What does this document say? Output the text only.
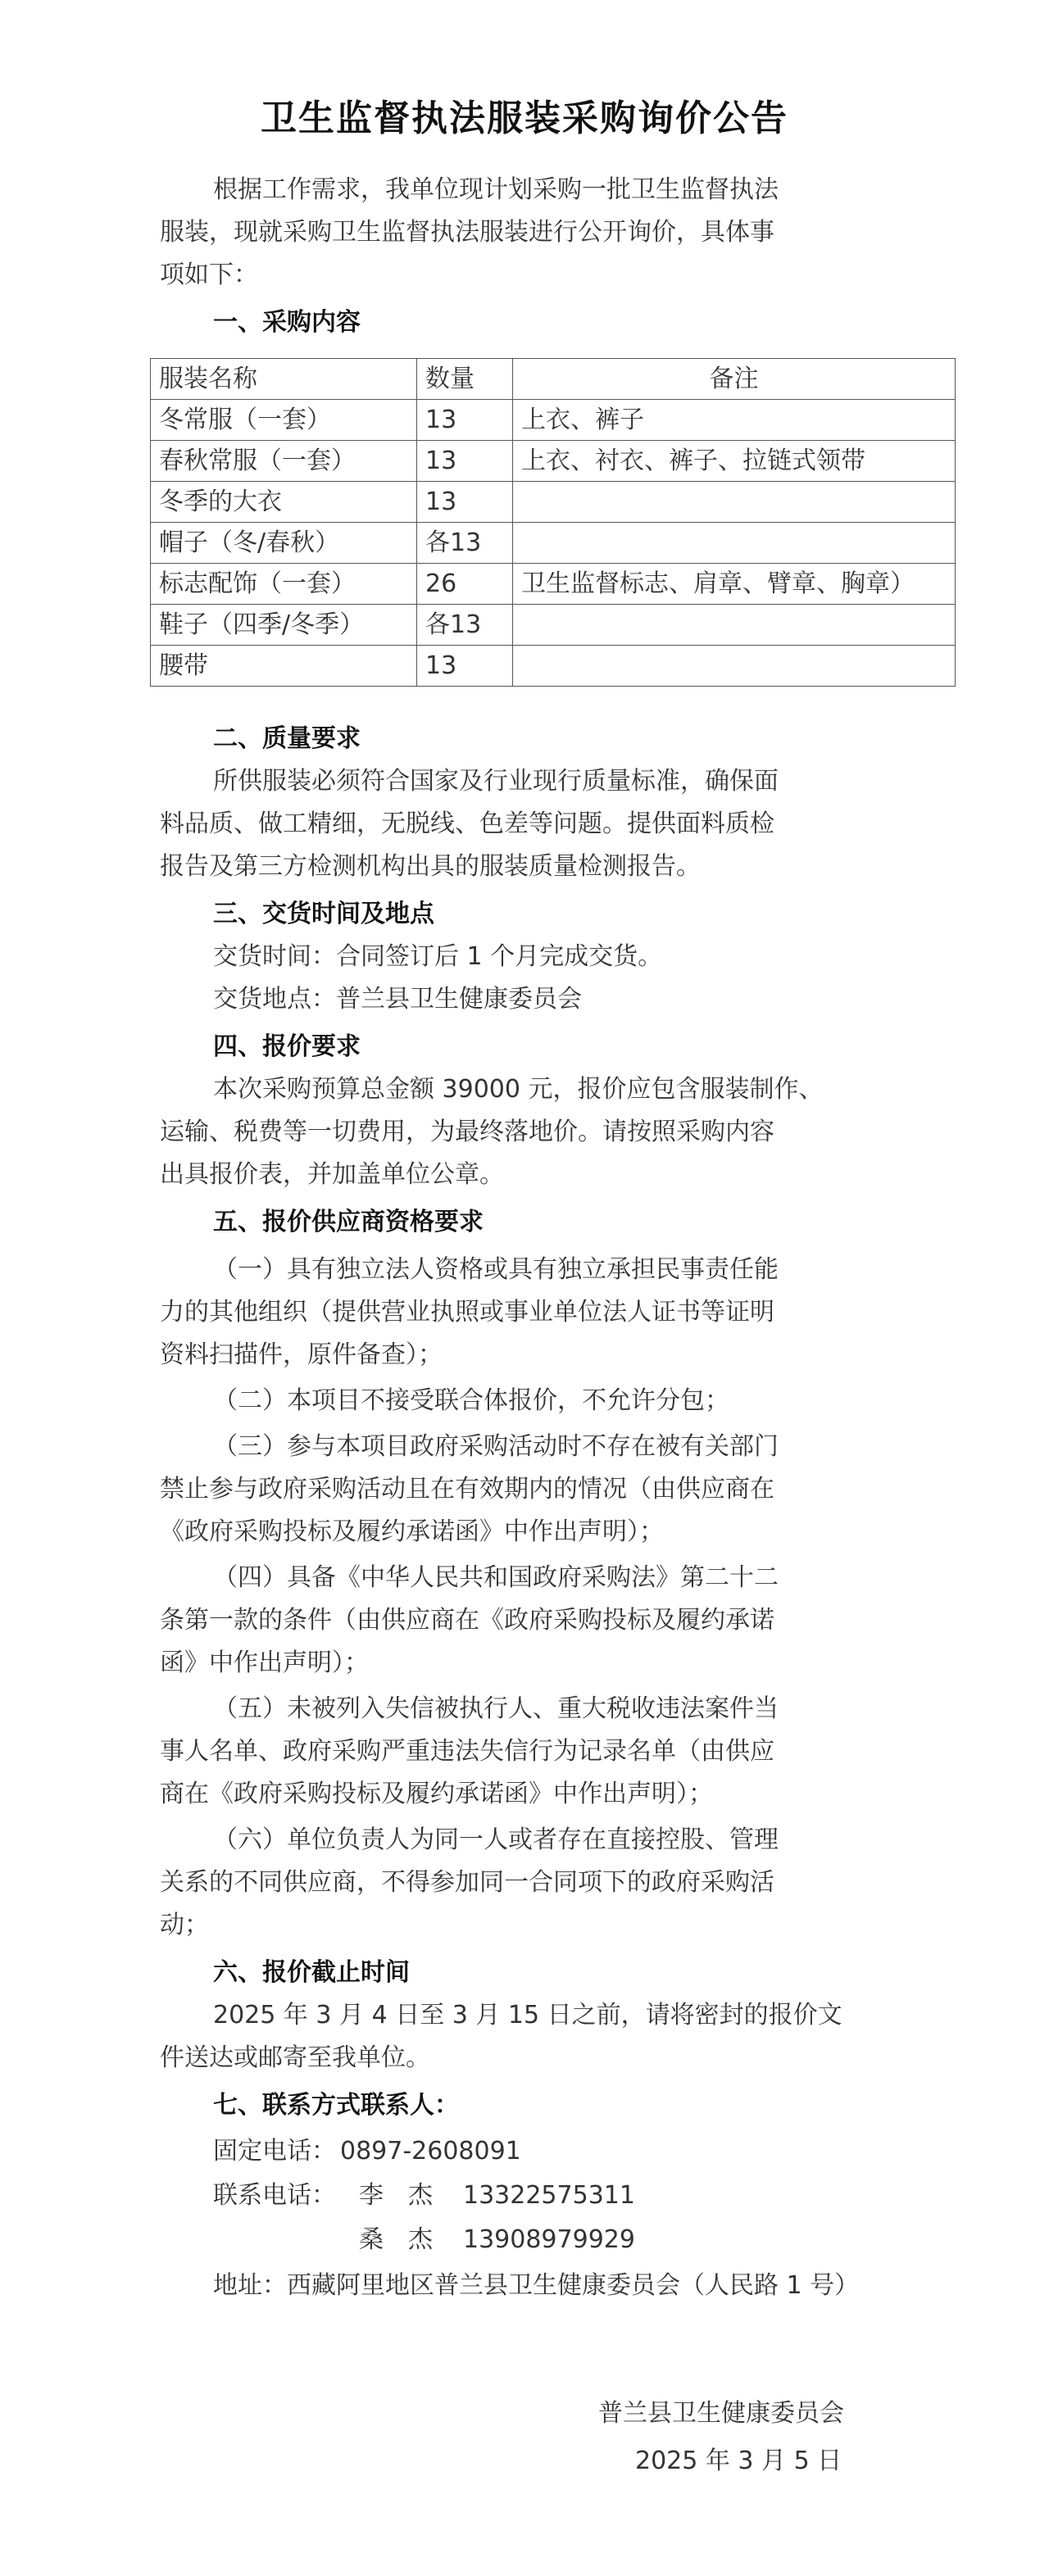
卫生监督执法服装采购询价公告
根据工作需求，我单位现计划采购一批卫生监督执法
服装，现就采购卫生监督执法服装进行公开询价，具体事
项如下：
一、采购内容
服装名称	数量	备注
冬常服（一套）	13	上衣、裤子
春秋常服（一套）	13	上衣、衬衣、裤子、拉链式领带
冬季的大衣	13	
帽子（冬/春秋）	各13	
标志配饰（一套）	26	卫生监督标志、肩章、臂章、胸章）
鞋子（四季/冬季）	各13	
腰带	13	
二、质量要求
所供服装必须符合国家及行业现行质量标准，确保面
料品质、做工精细，无脱线、色差等问题。提供面料质检
报告及第三方检测机构出具的服装质量检测报告。
三、交货时间及地点
交货时间：合同签订后 1 个月完成交货。
交货地点：普兰县卫生健康委员会
四、报价要求
本次采购预算总金额 39000 元，报价应包含服装制作、
运输、税费等一切费用，为最终落地价。请按照采购内容
出具报价表，并加盖单位公章。
五、报价供应商资格要求
（一）具有独立法人资格或具有独立承担民事责任能
力的其他组织（提供营业执照或事业单位法人证书等证明
资料扫描件，原件备查）；
（二）本项目不接受联合体报价，不允许分包；
（三）参与本项目政府采购活动时不存在被有关部门
禁止参与政府采购活动且在有效期内的情况（由供应商在
《政府采购投标及履约承诺函》中作出声明）；
（四）具备《中华人民共和国政府采购法》第二十二
条第一款的条件（由供应商在《政府采购投标及履约承诺
函》中作出声明）；
（五）未被列入失信被执行人、重大税收违法案件当
事人名单、政府采购严重违法失信行为记录名单（由供应
商在《政府采购投标及履约承诺函》中作出声明）；
（六）单位负责人为同一人或者存在直接控股、管理
关系的不同供应商，不得参加同一合同项下的政府采购活
动；
六、报价截止时间
2025 年 3 月 4 日至 3 月 15 日之前，请将密封的报价文
件送达或邮寄至我单位。
七、联系方式联系人：
固定电话： 0897-2608091
联系电话： 李　杰 13322575311
桑　杰 13908979929
地址：西藏阿里地区普兰县卫生健康委员会（人民路 1 号）
普兰县卫生健康委员会
2025 年 3 月 5 日
